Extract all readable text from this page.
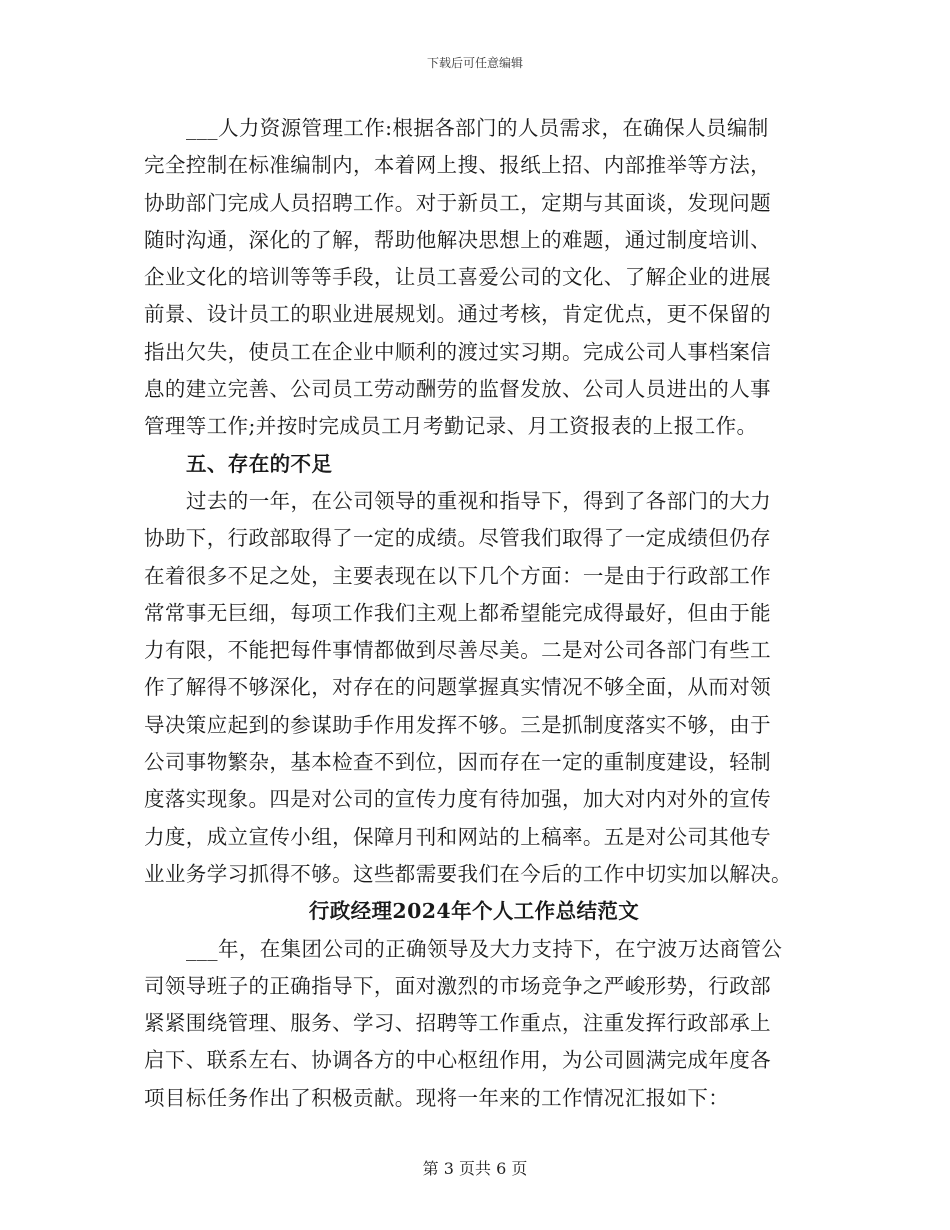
下载后可任意编辑
___人力资源管理工作:根据各部门的人员需求，在确保人员编制
完全控制在标准编制内，本着网上搜、报纸上招、内部推举等方法，
协助部门完成人员招聘工作。对于新员工，定期与其面谈，发现问题
随时沟通，深化的了解，帮助他解决思想上的难题，通过制度培训、
企业文化的培训等等手段，让员工喜爱公司的文化、了解企业的进展
前景、设计员工的职业进展规划。通过考核，肯定优点，更不保留的
指出欠失，使员工在企业中顺利的渡过实习期。完成公司人事档案信
息的建立完善、公司员工劳动酬劳的监督发放、公司人员进出的人事
管理等工作;并按时完成员工月考勤记录、月工资报表的上报工作。
五、存在的不足
过去的一年，在公司领导的重视和指导下，得到了各部门的大力
协助下，行政部取得了一定的成绩。尽管我们取得了一定成绩但仍存
在着很多不足之处，主要表现在以下几个方面：一是由于行政部工作
常常事无巨细，每项工作我们主观上都希望能完成得最好，但由于能
力有限，不能把每件事情都做到尽善尽美。二是对公司各部门有些工
作了解得不够深化，对存在的问题掌握真实情况不够全面，从而对领
导决策应起到的参谋助手作用发挥不够。三是抓制度落实不够，由于
公司事物繁杂，基本检查不到位，因而存在一定的重制度建设，轻制
度落实现象。四是对公司的宣传力度有待加强，加大对内对外的宣传
力度，成立宣传小组，保障月刊和网站的上稿率。五是对公司其他专
业业务学习抓得不够。这些都需要我们在今后的工作中切实加以解决。
行政经理2024年个人工作总结范文
___年，在集团公司的正确领导及大力支持下，在宁波万达商管公
司领导班子的正确指导下，面对激烈的市场竞争之严峻形势，行政部
紧紧围绕管理、服务、学习、招聘等工作重点，注重发挥行政部承上
启下、联系左右、协调各方的中心枢纽作用，为公司圆满完成年度各
项目标任务作出了积极贡献。现将一年来的工作情况汇报如下：
第 3 页共 6 页
